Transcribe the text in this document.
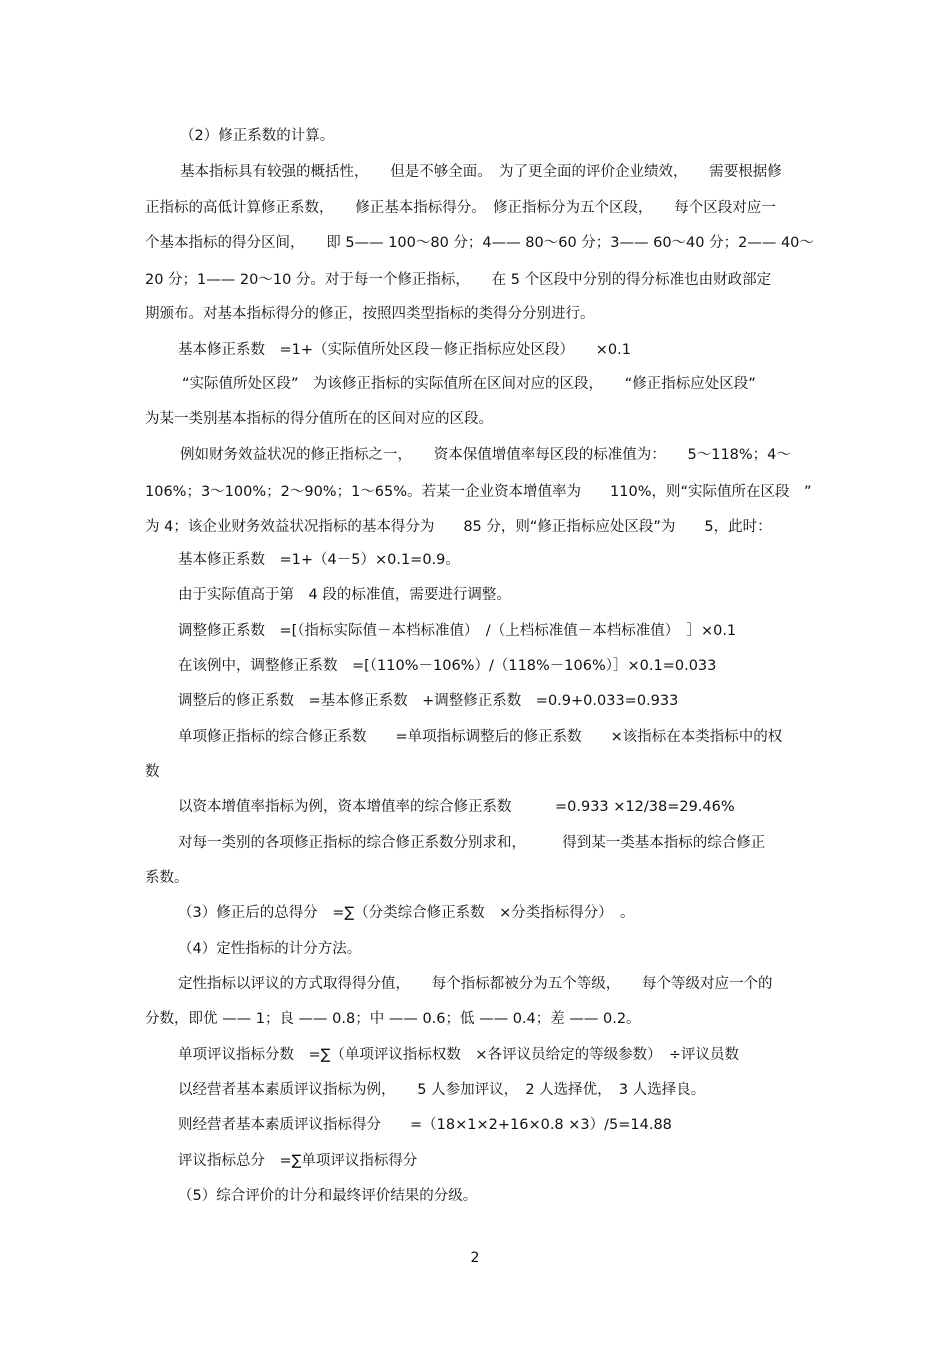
（2）修正系数的计算。
基本指标具有较强的概括性，　　但是不够全面。　为了更全面的评价企业绩效，　　需要根据修
正指标的高低计算修正系数，　　修正基本指标得分。　修正指标分为五个区段，　　每个区段对应一
个基本指标的得分区间，　　即 5—— 100～80 分；4—— 80～60 分；3—— 60～40 分；2—— 40～
20 分；1—— 20～10 分。对于每一个修正指标，　　在 5 个区段中分别的得分标准也由财政部定
期颁布。对基本指标得分的修正，按照四类型指标的类得分分别进行。
基本修正系数　=1+（实际值所处区段－修正指标应处区段）　　×0.1
“实际值所处区段”　为该修正指标的实际值所在区间对应的区段，　　“修正指标应处区段”
为某一类别基本指标的得分值所在的区间对应的区段。
例如财务效益状况的修正指标之一，　　资本保值增值率每区段的标准值为：　　5～118%；4～
106%；3～100%；2～90%；1～65%。若某一企业资本增值率为　　110%，则“实际值所在区段　”
为 4；该企业财务效益状况指标的基本得分为　　85 分，则“修正指标应处区段”为　　5，此时：
基本修正系数　=1+（4－5）×0.1=0.9。
由于实际值高于第　4 段的标准值，需要进行调整。
调整修正系数　=[（指标实际值－本档标准值）　/（上档标准值－本档标准值）　］×0.1
在该例中，调整修正系数　=[（110%－106%）/（118%－106%）］×0.1=0.033
调整后的修正系数　=基本修正系数　+调整修正系数　=0.9+0.033=0.933
单项修正指标的综合修正系数　　=单项指标调整后的修正系数　　×该指标在本类指标中的权
数
以资本增值率指标为例，资本增值率的综合修正系数　　　=0.933 ×12/38=29.46%
对每一类别的各项修正指标的综合修正系数分别求和，　　　得到某一类基本指标的综合修正
系数。
（3）修正后的总得分　=∑（分类综合修正系数　×分类指标得分）　。
（4）定性指标的计分方法。
定性指标以评议的方式取得得分值，　　每个指标都被分为五个等级，　　每个等级对应一个的
分数，即优 —— 1；良 —— 0.8；中 —— 0.6；低 —— 0.4；差 —— 0.2。
单项评议指标分数　=∑（单项评议指标权数　×各评议员给定的等级参数）　÷评议员数
以经营者基本素质评议指标为例，　　5 人参加评议，　2 人选择优，　3 人选择良。
则经营者基本素质评议指标得分　　=（18×1×2+16×0.8 ×3）/5=14.88
评议指标总分　=∑单项评议指标得分
（5）综合评价的计分和最终评价结果的分级。
2
